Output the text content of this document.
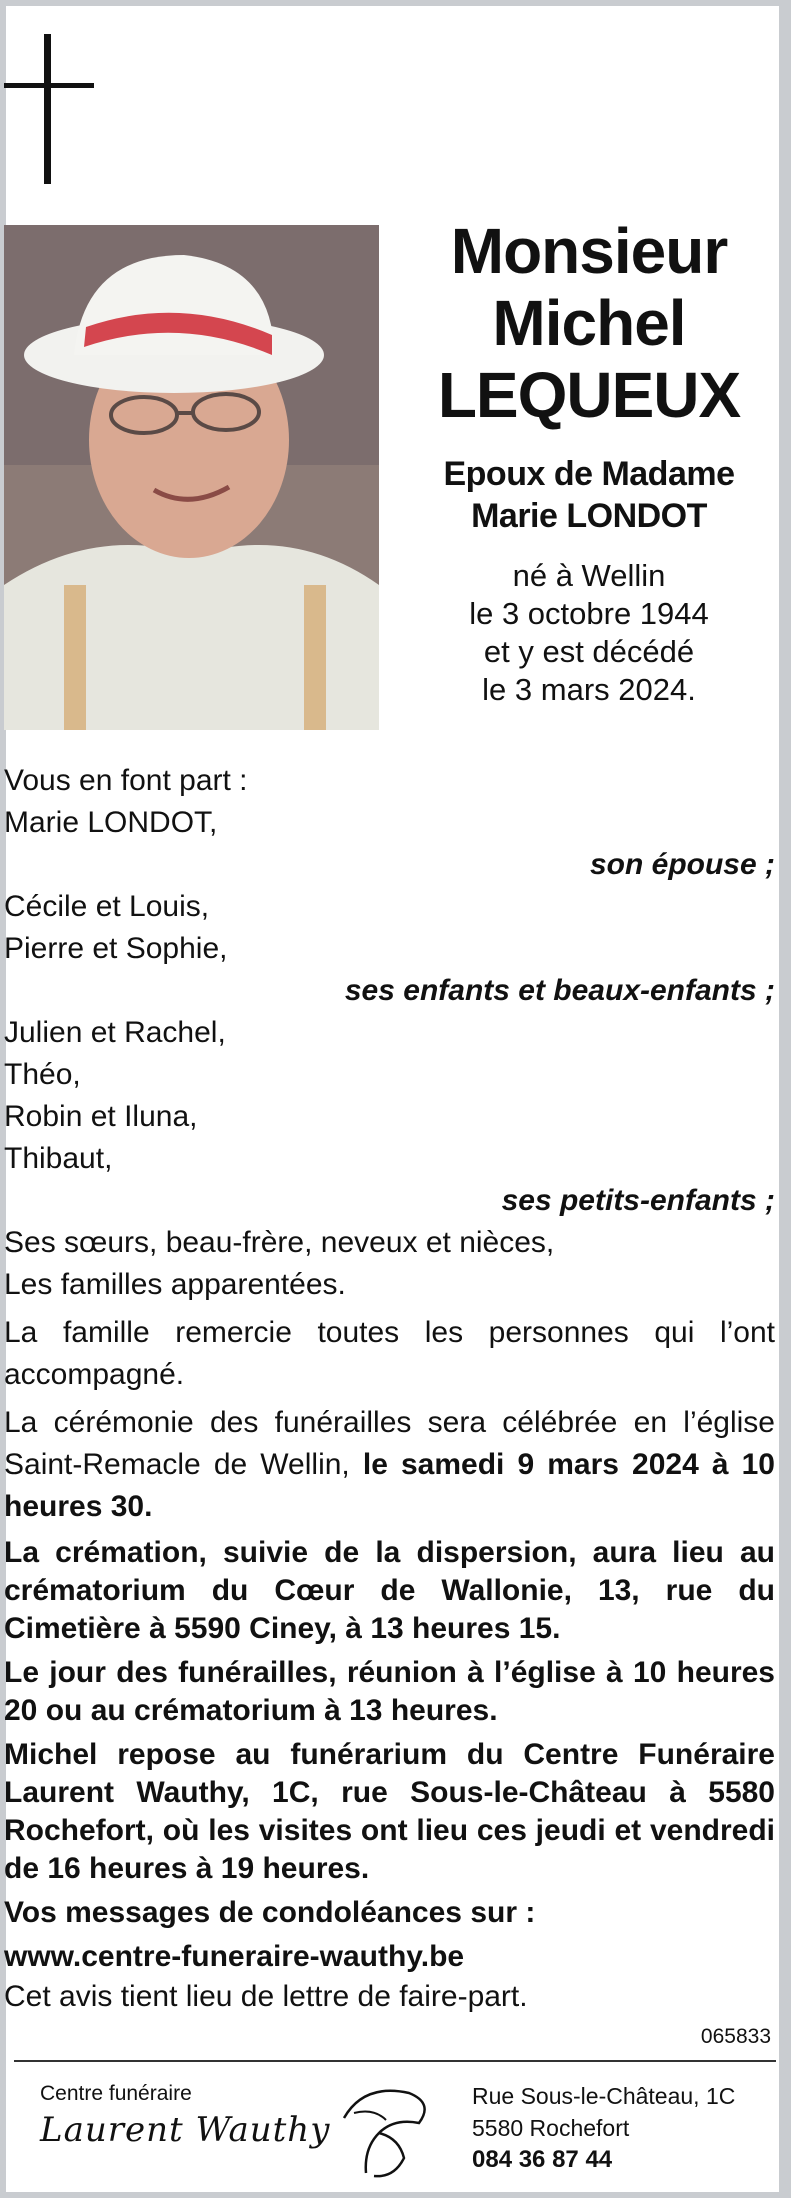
Monsieur
Michel
LEQUEUX
Epoux de Madame
Marie LONDOT
né à Wellin
le 3 octobre 1944
et y est décédé
le 3 mars 2024.
Vous en font part :
Marie LONDOT,
son épouse ;
Cécile et Louis,
Pierre et Sophie,
ses enfants et beaux-enfants ;
Julien et Rachel,
Théo,
Robin et Iluna,
Thibaut,
ses petits-enfants ;
Ses sœurs, beau-frère, neveux et nièces,
Les familles apparentées.
La famille remercie toutes les personnes qui l’ont accompagné.
La cérémonie des funérailles sera célébrée en l’église Saint-Remacle de Wellin, le samedi 9 mars 2024 à 10 heures 30.
La crémation, suivie de la dispersion, aura lieu au crématorium du Cœur de Wallonie, 13, rue du Cimetière à 5590 Ciney, à 13 heures 15.
Le jour des funérailles, réunion à l’église à 10 heures 20 ou au crématorium à 13 heures.
Michel repose au funérarium du Centre Funéraire Laurent Wauthy, 1C, rue Sous-le-Château à 5580 Rochefort, où les visites ont lieu ces jeudi et vendredi de 16 heures à 19 heures.
Vos messages de condoléances sur :
www.centre-funeraire-wauthy.be
Cet avis tient lieu de lettre de faire-part.
065833
Centre funéraire
Laurent Wauthy
Rue Sous-le-Château, 1C
5580 Rochefort
084 36 87 44
